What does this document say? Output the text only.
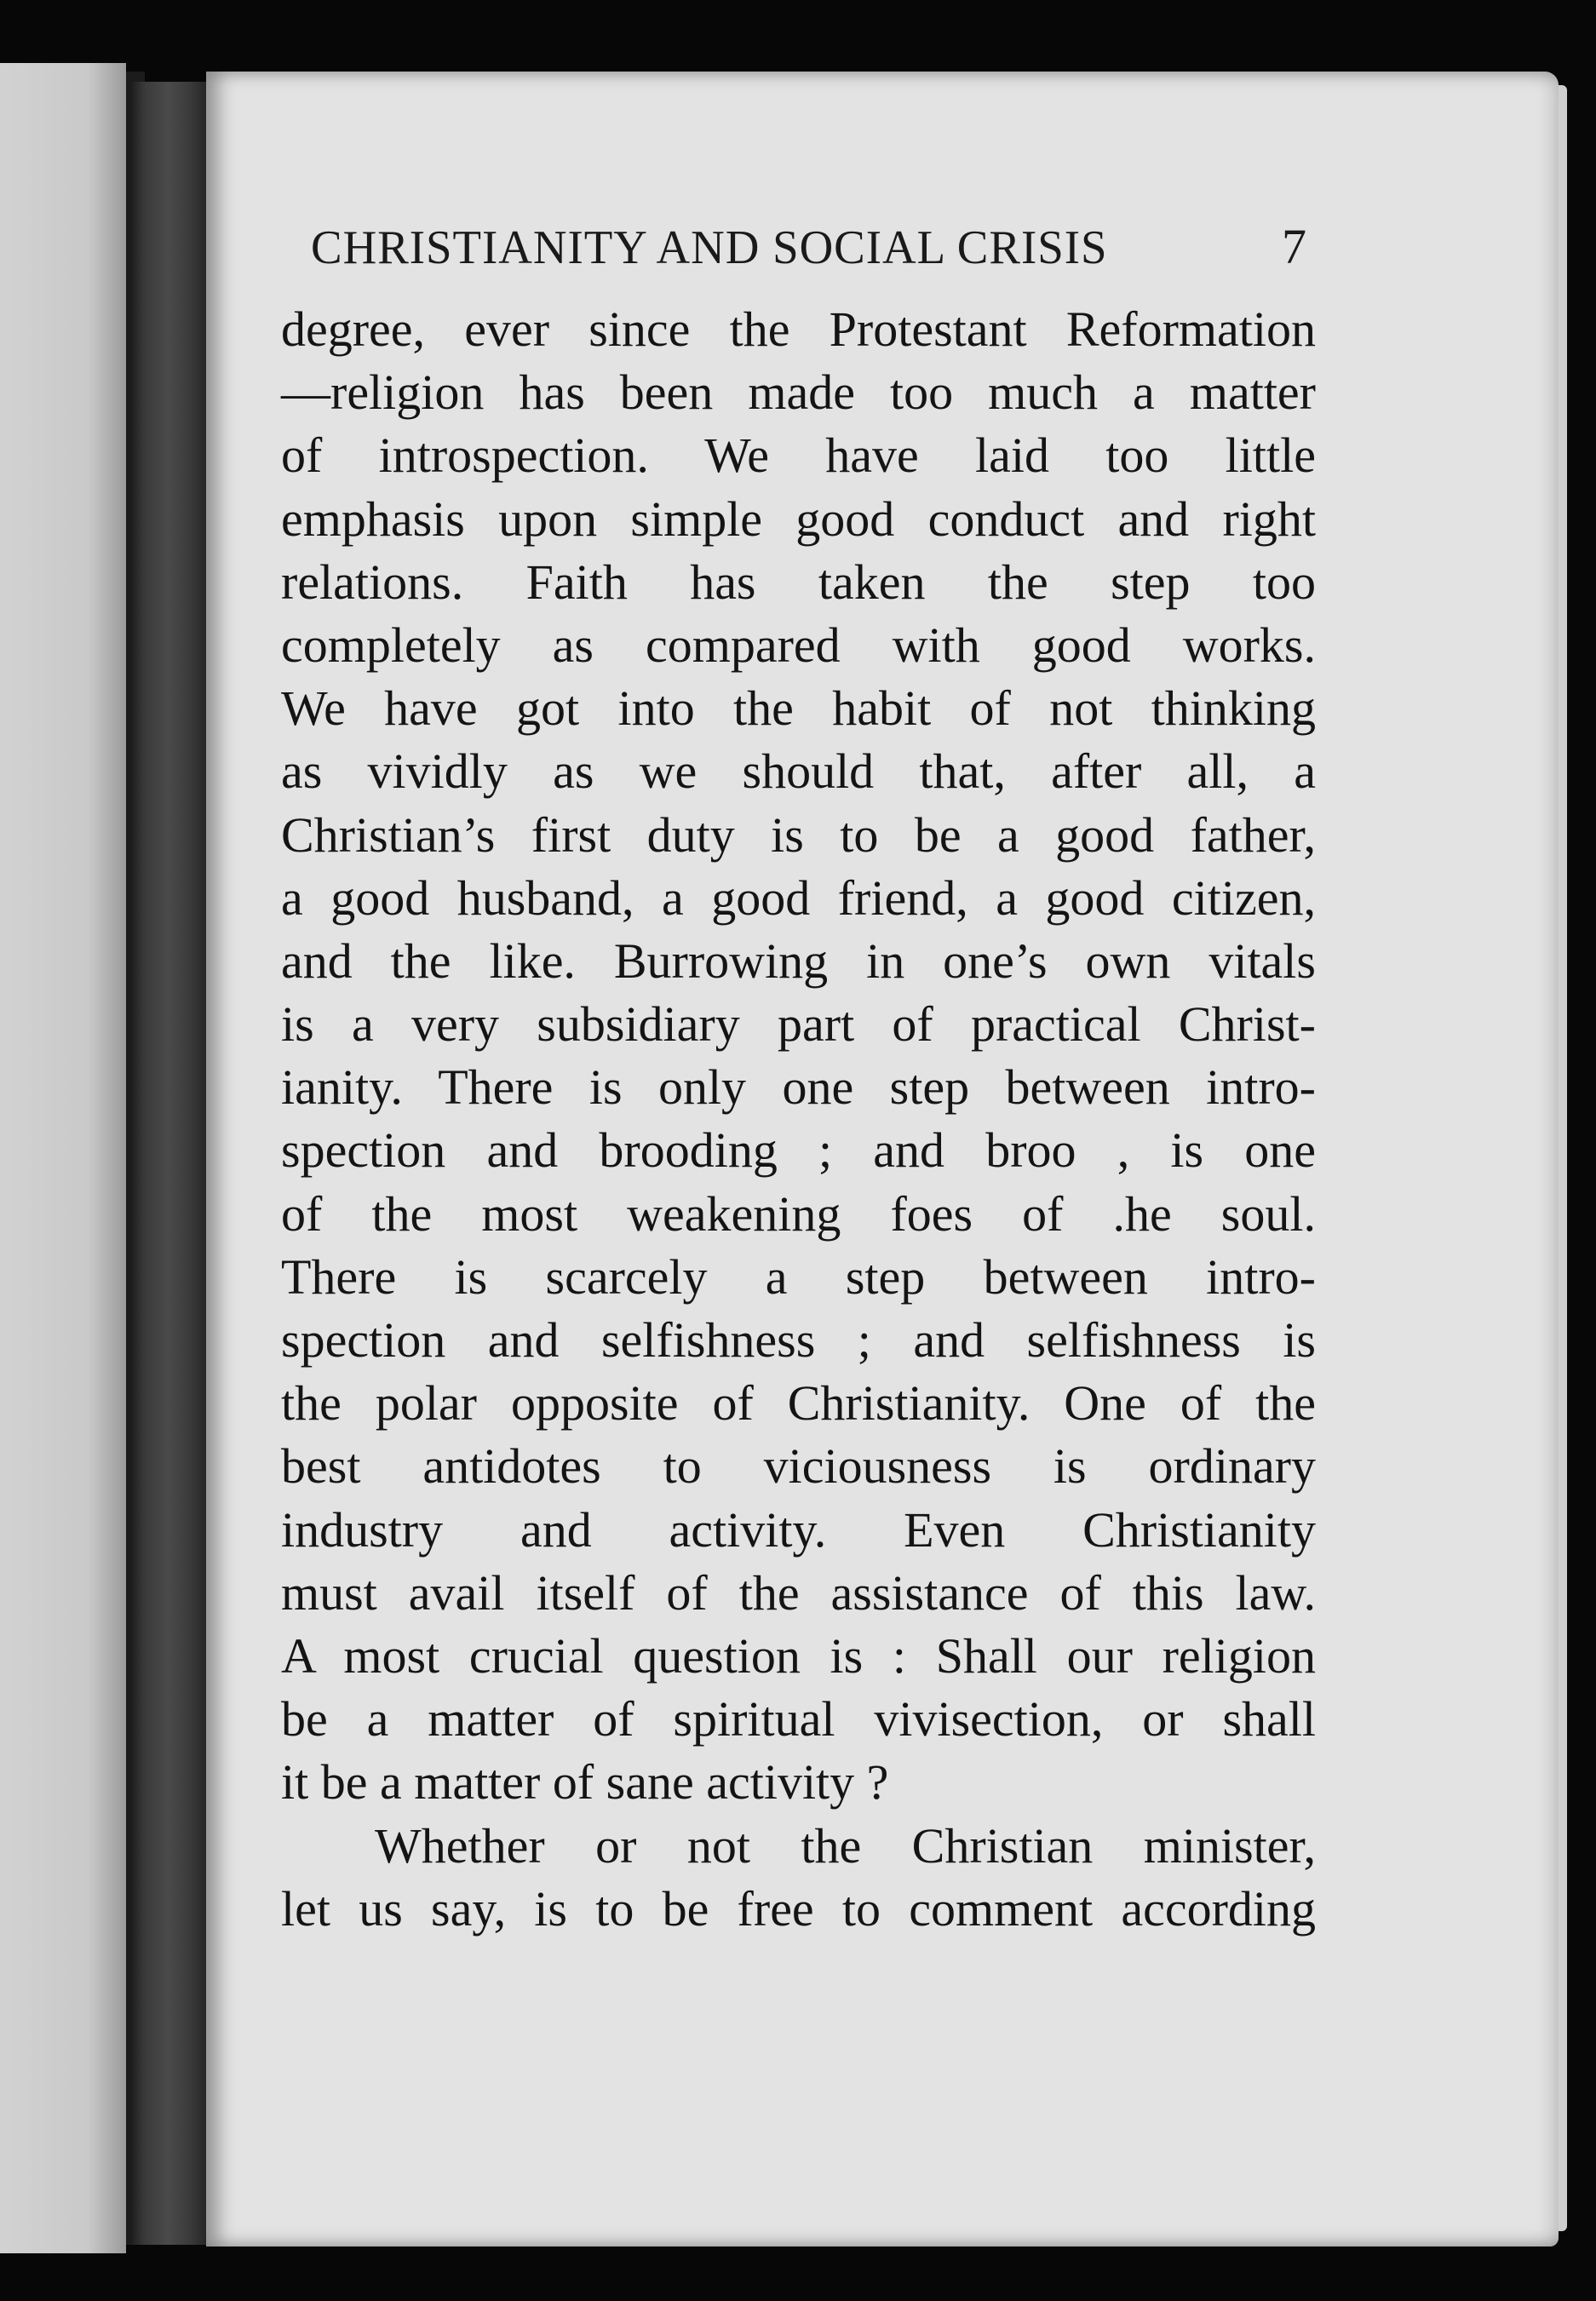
CHRISTIANITY AND SOCIAL CRISIS	7
degree, ever since the Protestant Reformation
—religion has been made too much a matter
of introspection. We have laid too little
emphasis upon simple good conduct and right
relations. Faith has taken the step too
completely as compared with good works.
We have got into the habit of not thinking
as vividly as we should that, after all, a
Christian’s first duty is to be a good father,
a good husband, a good friend, a good citizen,
and the like. Burrowing in one’s own vitals
is a very subsidiary part of practical Christ-
ianity. There is only one step between intro-
spection and brooding ; and broo , is one
of the most weakening foes of .he soul.
There is scarcely a step between intro-
spection and selfishness ; and selfishness is
the polar opposite of Christianity. One of the
best antidotes to viciousness is ordinary
industry and activity. Even Christianity
must avail itself of the assistance of this law.
A most crucial question is : Shall our religion
be a matter of spiritual vivisection, or shall
it be a matter of sane activity ?
Whether or not the Christian minister,
let us say, is to be free to comment according
